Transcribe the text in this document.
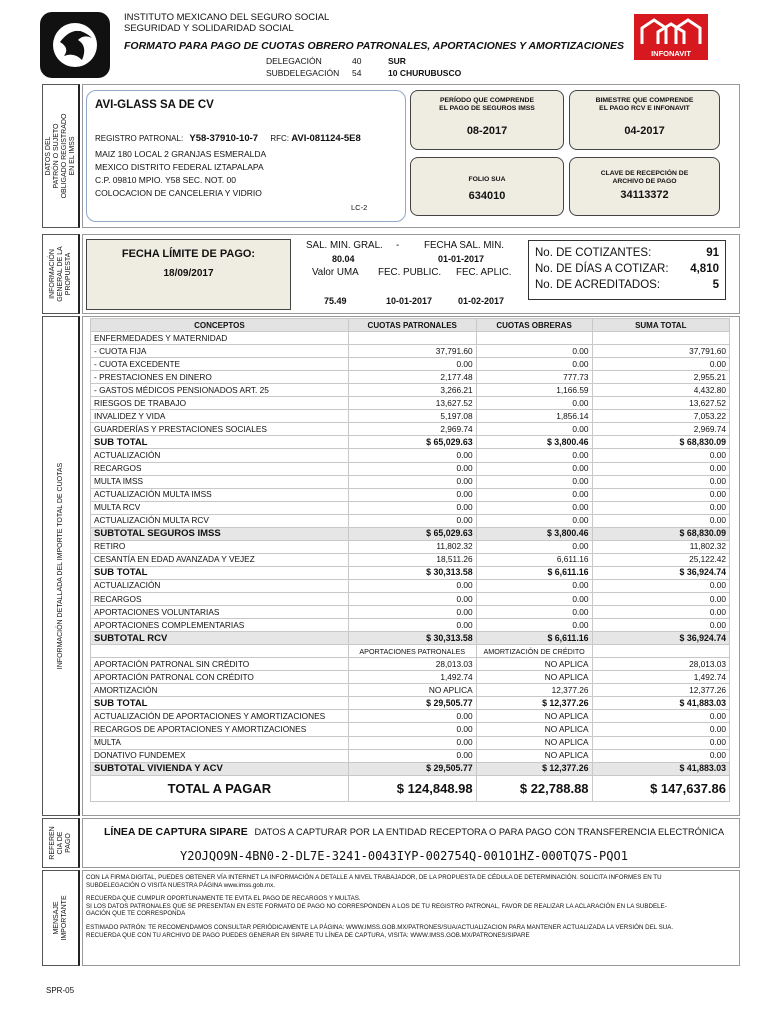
INSTITUTO MEXICANO DEL SEGURO SOCIAL
SEGURIDAD Y SOLIDARIDAD SOCIAL
FORMATO PARA PAGO DE CUOTAS OBRERO PATRONALES, APORTACIONES Y AMORTIZACIONES
DELEGACIÓN	40	SUR
SUBDELEGACIÓN 54	10 CHURUBUSCO
INFONAVIT
DATOS DEL
PATRÓN O SUJETO
OBLIGADO REGISTRADO
EN EL IMSS
AVI-GLASS SA DE CV
REGISTRO PATRONAL: Y58-37910-10-7 RFC: AVI-081124-5E8
MAIZ 180 LOCAL 2 GRANJAS ESMERALDA
MEXICO DISTRITO FEDERAL IZTAPALAPA
C.P. 09810 MPIO. Y58 SEC. NOT. 00
COLOCACION DE CANCELERIA Y VIDRIO
LC-2
PERÍODO QUE COMPRENDE
EL PAGO DE SEGUROS IMSS
08-2017
BIMESTRE QUE COMPRENDE
EL PAGO RCV E INFONAVIT
04-2017
FOLIO SUA
634010
CLAVE DE RECEPCIÓN DE
ARCHIVO DE PAGO
34113372
INFORMACIÓN
GENERAL DE LA
PROPUESTA	FECHA LÍMITE DE PAGO:
18/09/2017
SAL. MIN. GRAL. -	FECHA SAL. MIN.
80.04	01-01-2017
Valor UMA FEC. PUBLIC. FEC. APLIC.
75.49	10-01-2017	01-02-2017
No. DE COTIZANTES:	91
No. DE DÍAS A COTIZAR: 4,810
No. DE ACREDITADOS:	5
INFORMACIÓN DETALLADA DEL IMPORTE TOTAL DE CUOTAS
CONCEPTOS	CUOTAS PATRONALES	CUOTAS OBRERAS	SUMA TOTAL
ENFERMEDADES Y MATERNIDAD			
- CUOTA FIJA	37,791.60	0.00	37,791.60
- CUOTA EXCEDENTE	0.00	0.00	0.00
- PRESTACIONES EN DINERO	2,177.48	777.73	2,955.21
- GASTOS MÉDICOS PENSIONADOS ART. 25	3,266.21	1,166.59	4,432.80
RIESGOS DE TRABAJO	13,627.52	0.00	13,627.52
INVALIDEZ Y VIDA	5,197.08	1,856.14	7,053.22
GUARDERÍAS Y PRESTACIONES SOCIALES	2,969.74	0.00	2,969.74
SUB TOTAL	$ 65,029.63	$ 3,800.46	$ 68,830.09
ACTUALIZACIÓN	0.00	0.00	0.00
RECARGOS	0.00	0.00	0.00
MULTA IMSS	0.00	0.00	0.00
ACTUALIZACIÓN MULTA IMSS	0.00	0.00	0.00
MULTA RCV	0.00	0.00	0.00
ACTUALIZACIÓN MULTA RCV	0.00	0.00	0.00
SUBTOTAL SEGUROS IMSS	$ 65,029.63	$ 3,800.46	$ 68,830.09
RETIRO	11,802.32	0.00	11,802.32
CESANTÍA EN EDAD AVANZADA Y VEJEZ	18,511.26	6,611.16	25,122.42
SUB TOTAL	$ 30,313.58	$ 6,611.16	$ 36,924.74
ACTUALIZACIÓN	0.00	0.00	0.00
RECARGOS	0.00	0.00	0.00
APORTACIONES VOLUNTARIAS	0.00	0.00	0.00
APORTACIONES COMPLEMENTARIAS	0.00	0.00	0.00
SUBTOTAL RCV	$ 30,313.58	$ 6,611.16	$ 36,924.74
	APORTACIONES PATRONALES	AMORTIZACIÓN DE CRÉDITO	
APORTACIÓN PATRONAL SIN CRÉDITO	28,013.03	NO APLICA	28,013.03
APORTACIÓN PATRONAL CON CRÉDITO	1,492.74	NO APLICA	1,492.74
AMORTIZACIÓN	NO APLICA	12,377.26	12,377.26
SUB TOTAL	$ 29,505.77	$ 12,377.26	$ 41,883.03
ACTUALIZACIÓN DE APORTACIONES Y AMORTIZACIONES	0.00	NO APLICA	0.00
RECARGOS DE APORTACIONES Y AMORTIZACIONES	0.00	NO APLICA	0.00
MULTA	0.00	NO APLICA	0.00
DONATIVO FUNDEMEX	0.00	NO APLICA	0.00
SUBTOTAL VIVIENDA Y ACV	$ 29,505.77	$ 12,377.26	$ 41,883.03
TOTAL A PAGAR	$ 124,848.98	$ 22,788.88	$ 147,637.86
REFEREN
CIA DE
PAGO
LÍNEA DE CAPTURA SIPARE DATOS A CAPTURAR POR LA ENTIDAD RECEPTORA O PARA PAGO CON TRANSFERENCIA ELECTRÓNICA
Y2OJQO9N-4BN0-2-DL7E-3241-0043IYP-002754Q-001O1HZ-000TQ7S-PQO1
MENSAJE
IMPORTANTE
CON LA FIRMA DIGITAL, PUEDES OBTENER VÍA INTERNET LA INFORMACIÓN A DETALLE A NIVEL TRABAJADOR, DE LA PROPUESTA DE CÉDULA DE DETERMINACIÓN. SOLICITA INFORMES EN TU SUBDELEGACIÓN O VISITA NUESTRA PÁGINA www.imss.gob.mx.
RECUERDA QUE CUMPLIR OPORTUNAMENTE TE EVITA EL PAGO DE RECARGOS Y MULTAS.
SI LOS DATOS PATRONALES QUE SE PRESENTAN EN ESTE FORMATO DE PAGO NO CORRESPONDEN A LOS DE TU REGISTRO PATRONAL, FAVOR DE REALIZAR LA ACLARACIÓN EN LA SUBDELE-GACIÓN QUE TE CORRESPONDA
ESTIMADO PATRÓN: TE RECOMENDAMOS CONSULTAR PERIÓDICAMENTE LA PÁGINA: WWW.IMSS.GOB.MX/PATRONES/SUA/ACTUALIZACION PARA MANTENER ACTUALIZADA LA VERSIÓN DEL SUA.
RECUERDA QUE CON TU ARCHIVO DE PAGO PUEDES GENERAR EN SIPARE TU LÍNEA DE CAPTURA, VISITA: WWW.IMSS.GOB.MX/PATRONES/SIPARE
SPR-05
